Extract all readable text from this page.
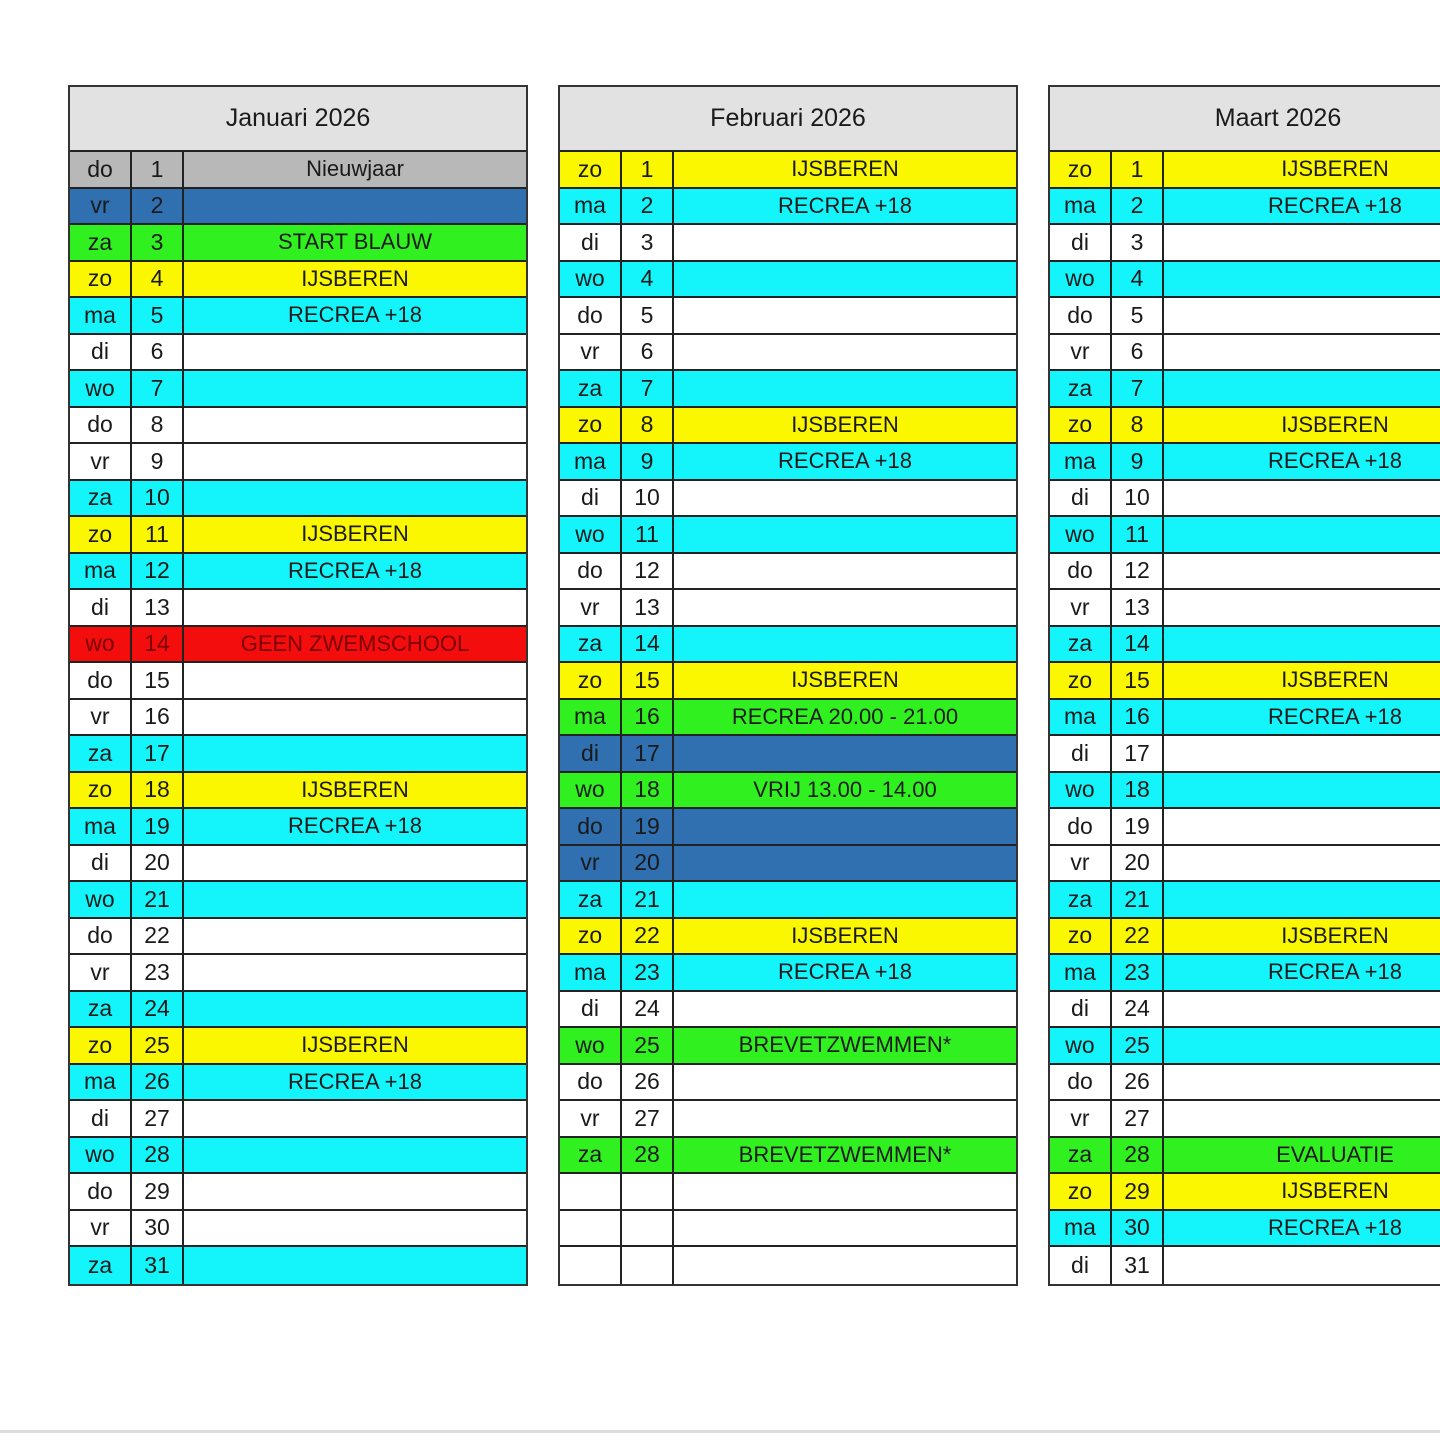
Januari 2026
do	1	Nieuwjaar
vr	2
za	3	START BLAUW
zo	4	IJSBEREN
ma	5	RECREA +18
di	6
wo	7
do	8
vr	9
za	10
zo	11	IJSBEREN
ma	12	RECREA +18
di	13
wo	14	GEEN ZWEMSCHOOL
do	15
vr	16
za	17
zo	18	IJSBEREN
ma	19	RECREA +18
di	20
wo	21
do	22
vr	23
za	24
zo	25	IJSBEREN
ma	26	RECREA +18
di	27
wo	28
do	29
vr	30
za	31
Februari 2026
zo	1	IJSBEREN
ma	2	RECREA +18
di	3
wo	4
do	5
vr	6
za	7
zo	8	IJSBEREN
ma	9	RECREA +18
di	10
wo	11
do	12
vr	13
za	14
zo	15	IJSBEREN
ma	16	RECREA 20.00 - 21.00
di	17
wo	18	VRIJ 13.00 - 14.00
do	19
vr	20
za	21
zo	22	IJSBEREN
ma	23	RECREA +18
di	24
wo	25	BREVETZWEMMEN*
do	26
vr	27
za	28	BREVETZWEMMEN*
Maart 2026
zo	1	IJSBEREN
ma	2	RECREA +18
di	3
wo	4
do	5
vr	6
za	7
zo	8	IJSBEREN
ma	9	RECREA +18
di	10
wo	11
do	12
vr	13
za	14
zo	15	IJSBEREN
ma	16	RECREA +18
di	17
wo	18
do	19
vr	20
za	21
zo	22	IJSBEREN
ma	23	RECREA +18
di	24
wo	25
do	26
vr	27
za	28	EVALUATIE
zo	29	IJSBEREN
ma	30	RECREA +18
di	31
